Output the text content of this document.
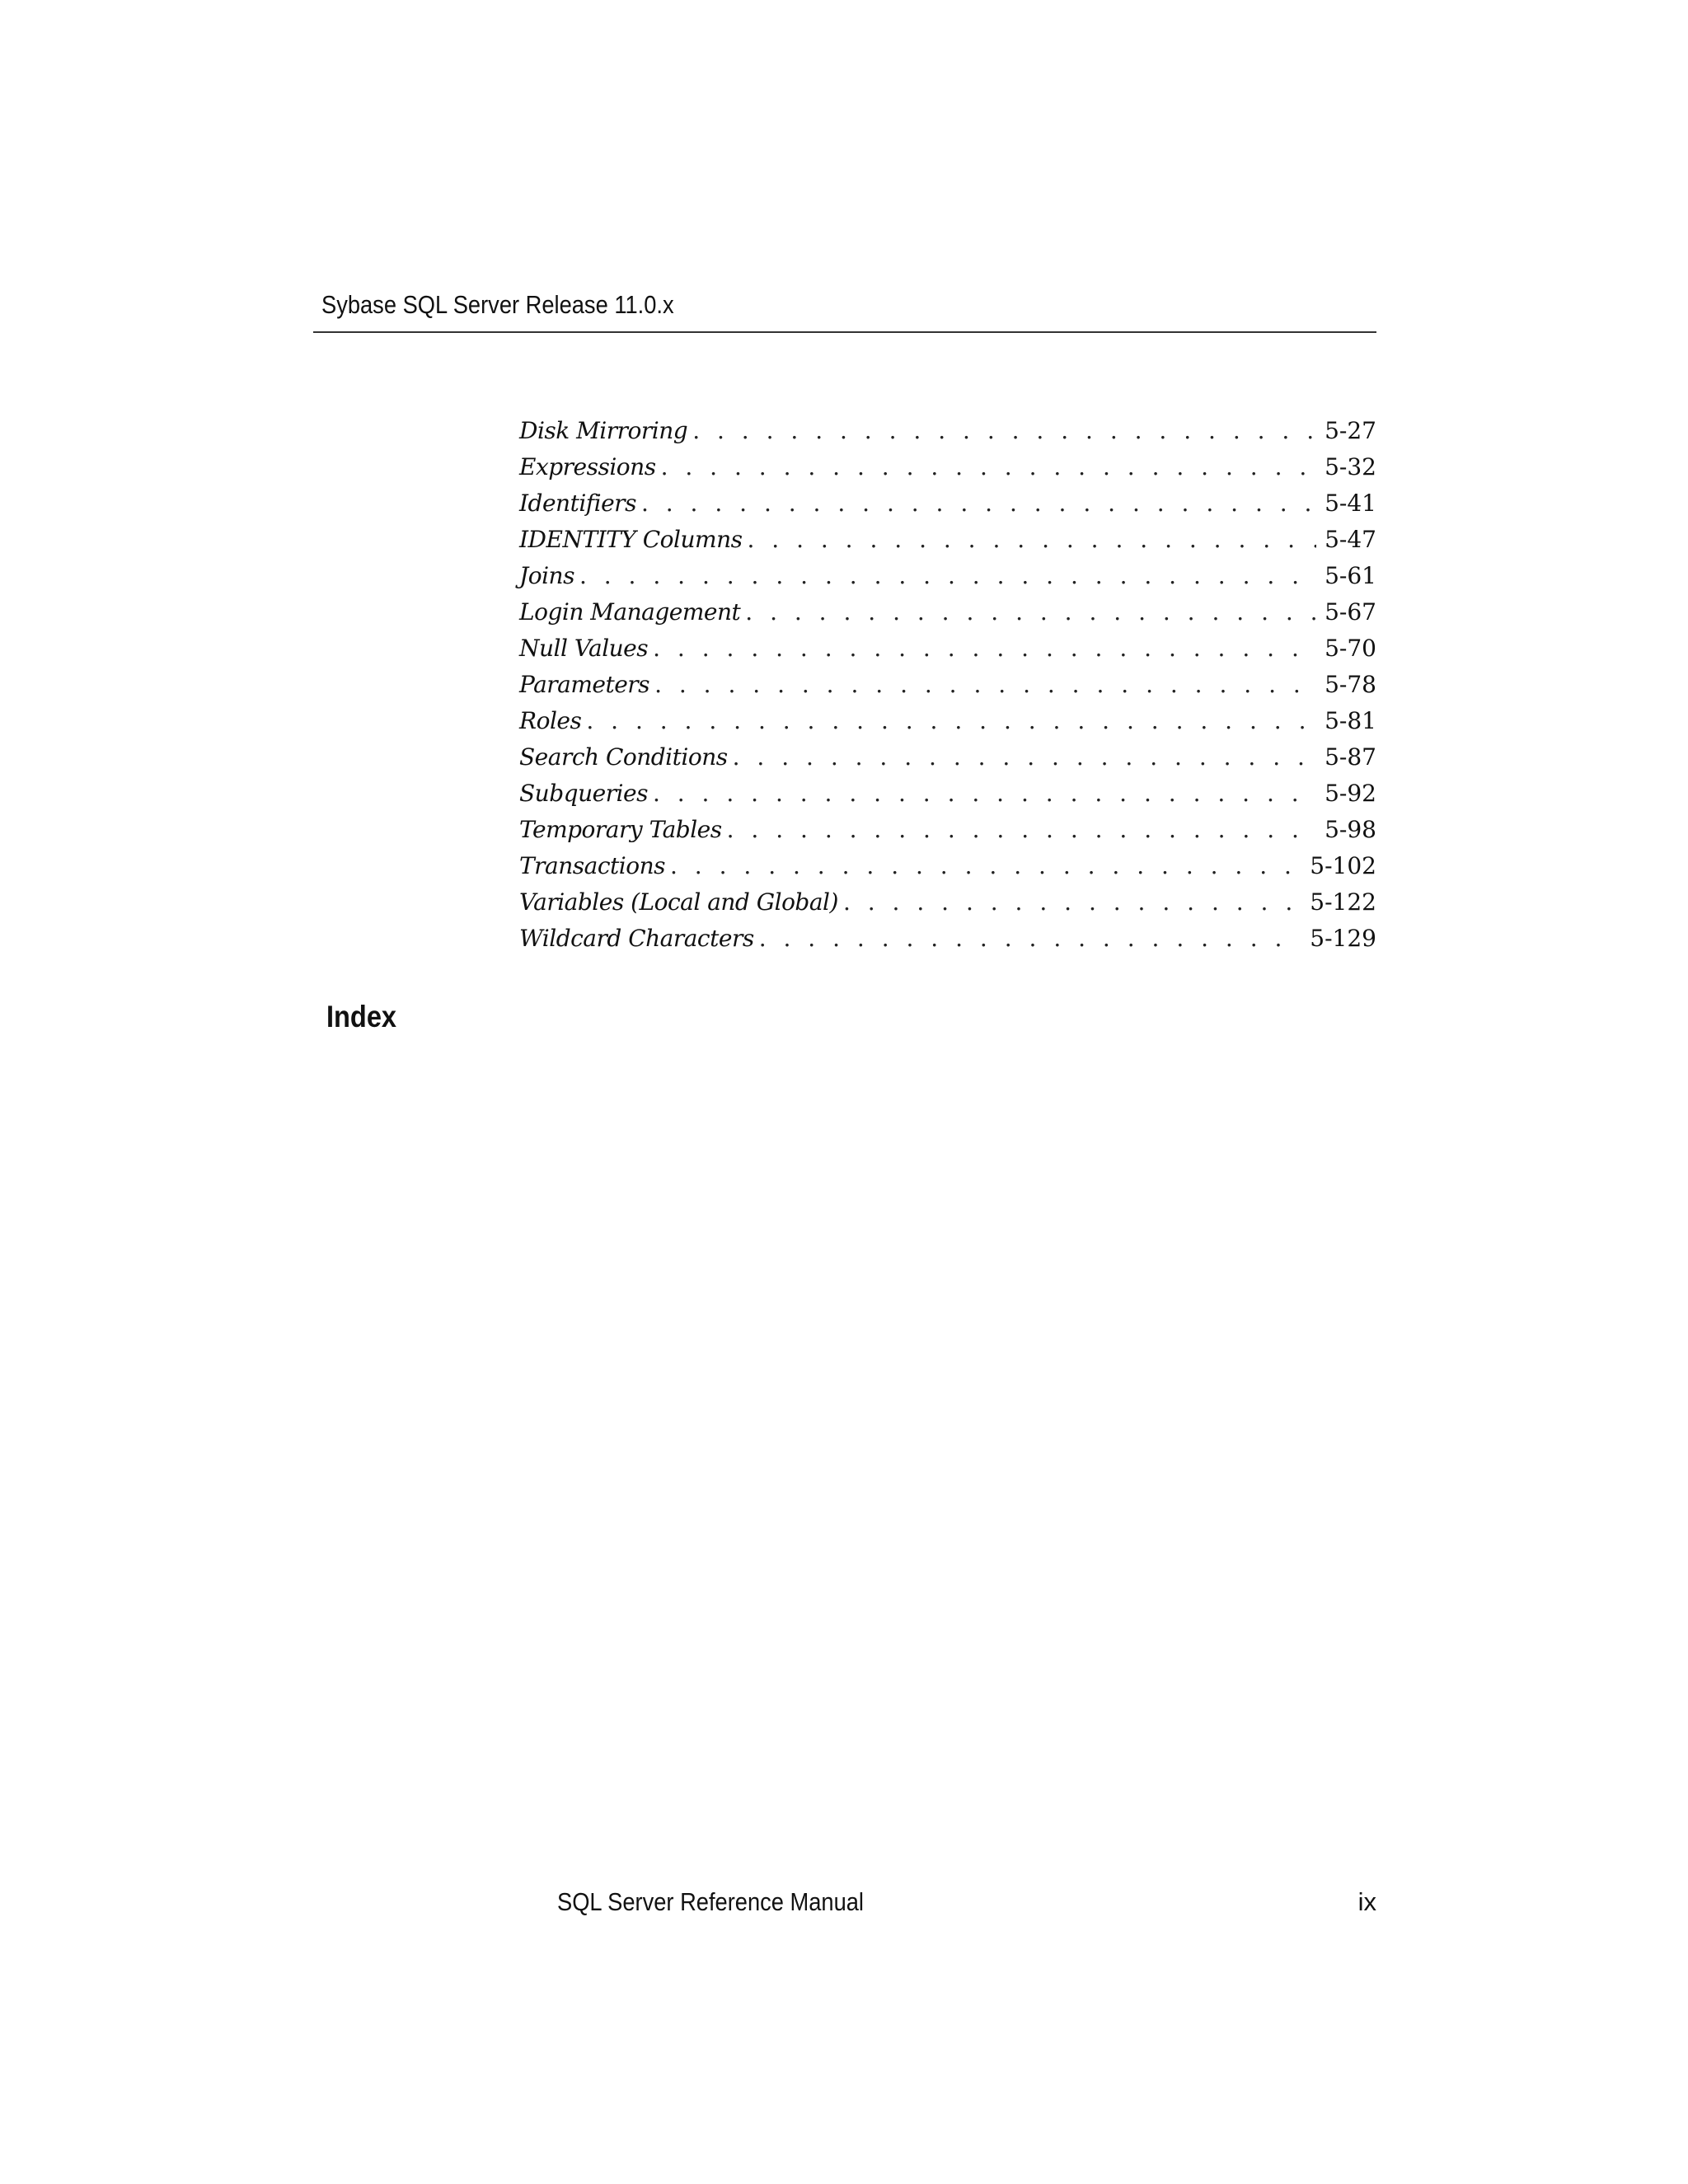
Sybase SQL Server Release 11.0.x
Disk Mirroring . . .	5-27
Expressions . . .	5-32
Identifiers . . .	5-41
IDENTITY Columns . . .	5-47
Joins . . .	5-61
Login Management . . .	5-67
Null Values . . .	5-70
Parameters . . .	5-78
Roles . . .	5-81
Search Conditions . . .	5-87
Subqueries . . .	5-92
Temporary Tables . . .	5-98
Transactions . . .	5-102
Variables (Local and Global) . . .	5-122
Wildcard Characters . . .	5-129
Index
SQL Server Reference Manual	ix
